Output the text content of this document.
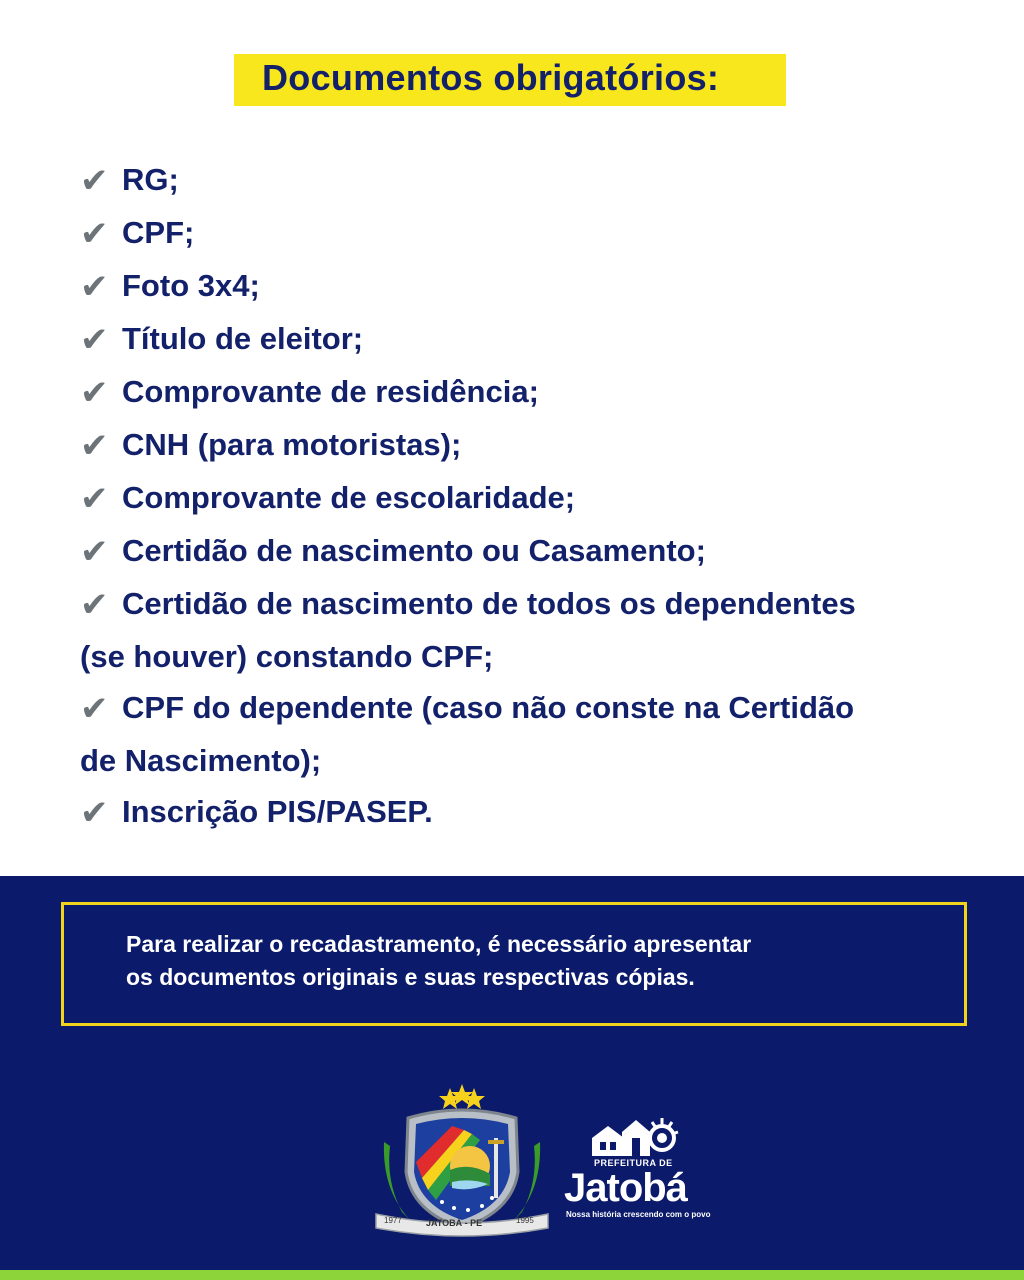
Documentos obrigatórios:
✔ RG;
✔ CPF;
✔ Foto 3x4;
✔ Título de eleitor;
✔ Comprovante de residência;
✔ CNH (para motoristas);
✔ Comprovante de escolaridade;
✔ Certidão de nascimento ou Casamento;
✔ Certidão de nascimento de todos os dependentes
(se houver) constando CPF;
✔ CPF do dependente (caso não conste na Certidão
de Nascimento);
✔ Inscrição PIS/PASEP.
Para realizar o recadastramento, é necessário apresentar
os documentos originais e suas respectivas cópias.
1977	JATOBÁ - PE	1995
PREFEITURA DE
Jatobá
Nossa história crescendo com o povo
